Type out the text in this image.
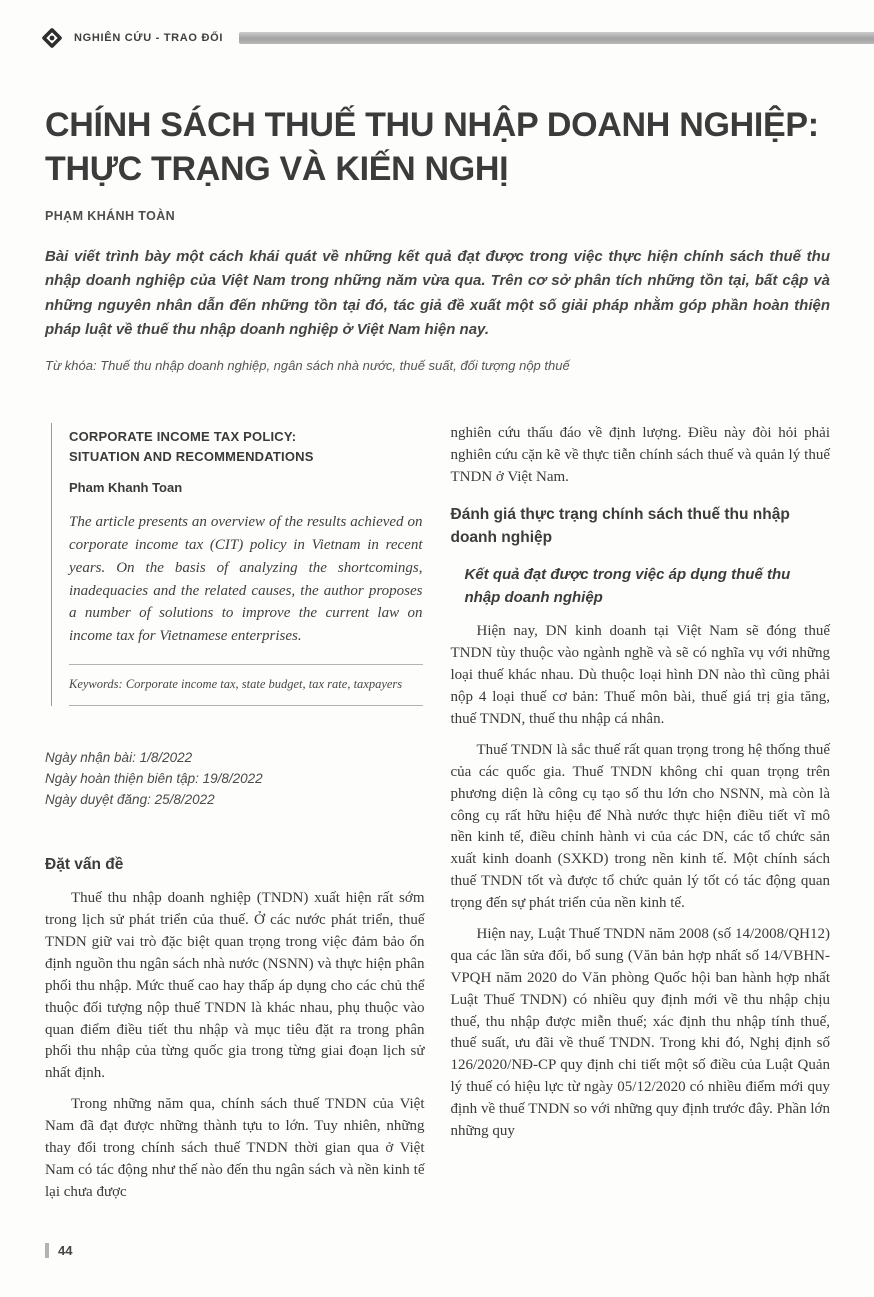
NGHIÊN CỨU - TRAO ĐỔI
CHÍNH SÁCH THUẾ THU NHẬP DOANH NGHIỆP:
THỰC TRẠNG VÀ KIẾN NGHỊ
PHẠM KHÁNH TOÀN

Bài viết trình bày một cách khái quát về những kết quả đạt được trong việc thực hiện chính sách thuế thu nhập doanh nghiệp của Việt Nam trong những năm vừa qua. Trên cơ sở phân tích những tồn tại, bất cập và những nguyên nhân dẫn đến những tồn tại đó, tác giả đề xuất một số giải pháp nhằm góp phần hoàn thiện pháp luật về thuế thu nhập doanh nghiệp ở Việt Nam hiện nay.

Từ khóa: Thuế thu nhập doanh nghiệp, ngân sách nhà nước, thuế suất, đối tượng nộp thuế
CORPORATE INCOME TAX POLICY:
SITUATION AND RECOMMENDATIONS
Pham Khanh Toan

The article presents an overview of the results achieved on corporate income tax (CIT) policy in Vietnam in recent years. On the basis of analyzing the shortcomings, inadequacies and the related causes, the author proposes a number of solutions to improve the current law on income tax for Vietnamese enterprises.

Keywords: Corporate income tax, state budget, tax rate, taxpayers
Ngày nhận bài: 1/8/2022
Ngày hoàn thiện biên tập: 19/8/2022
Ngày duyệt đăng: 25/8/2022
Đặt vấn đề

Thuế thu nhập doanh nghiệp (TNDN) xuất hiện rất sớm trong lịch sử phát triển của thuế. Ở các nước phát triển, thuế TNDN giữ vai trò đặc biệt quan trọng trong việc đảm bảo ổn định nguồn thu ngân sách nhà nước (NSNN) và thực hiện phân phối thu nhập. Mức thuế cao hay thấp áp dụng cho các chủ thể thuộc đối tượng nộp thuế TNDN là khác nhau, phụ thuộc vào quan điểm điều tiết thu nhập và mục tiêu đặt ra trong phân phối thu nhập của từng quốc gia trong từng giai đoạn lịch sử nhất định.

Trong những năm qua, chính sách thuế TNDN của Việt Nam đã đạt được những thành tựu to lớn. Tuy nhiên, những thay đổi trong chính sách thuế TNDN thời gian qua ở Việt Nam có tác động như thế nào đến thu ngân sách và nền kinh tế lại chưa được

nghiên cứu thấu đáo về định lượng. Điều này đòi hỏi phải nghiên cứu cặn kẽ về thực tiễn chính sách thuế và quản lý thuế TNDN ở Việt Nam.

Đánh giá thực trạng chính sách thuế thu nhập doanh nghiệp
Kết quả đạt được trong việc áp dụng thuế thu nhập doanh nghiệp

Hiện nay, DN kinh doanh tại Việt Nam sẽ đóng thuế TNDN tùy thuộc vào ngành nghề và sẽ có nghĩa vụ với những loại thuế khác nhau. Dù thuộc loại hình DN nào thì cũng phải nộp 4 loại thuế cơ bản: Thuế môn bài, thuế giá trị gia tăng, thuế TNDN, thuế thu nhập cá nhân.

Thuế TNDN là sắc thuế rất quan trọng trong hệ thống thuế của các quốc gia. Thuế TNDN không chỉ quan trọng trên phương diện là công cụ tạo số thu lớn cho NSNN, mà còn là công cụ rất hữu hiệu để Nhà nước thực hiện điều tiết vĩ mô nền kinh tế, điều chỉnh hành vi của các DN, các tổ chức sản xuất kinh doanh (SXKD) trong nền kinh tế. Một chính sách thuế TNDN tốt và được tổ chức quản lý tốt có tác động quan trọng đến sự phát triển của nền kinh tế.

Hiện nay, Luật Thuế TNDN năm 2008 (số 14/2008/QH12) qua các lần sửa đổi, bổ sung (Văn bản hợp nhất số 14/VBHN-VPQH năm 2020 do Văn phòng Quốc hội ban hành hợp nhất Luật Thuế TNDN) có nhiều quy định mới về thu nhập chịu thuế, thu nhập được miễn thuế; xác định thu nhập tính thuế, thuế suất, ưu đãi về thuế TNDN. Trong khi đó, Nghị định số 126/2020/NĐ-CP quy định chi tiết một số điều của Luật Quản lý thuế có hiệu lực từ ngày 05/12/2020 có nhiều điểm mới quy định về thuế TNDN so với những quy định trước đây. Phần lớn những quy

44
